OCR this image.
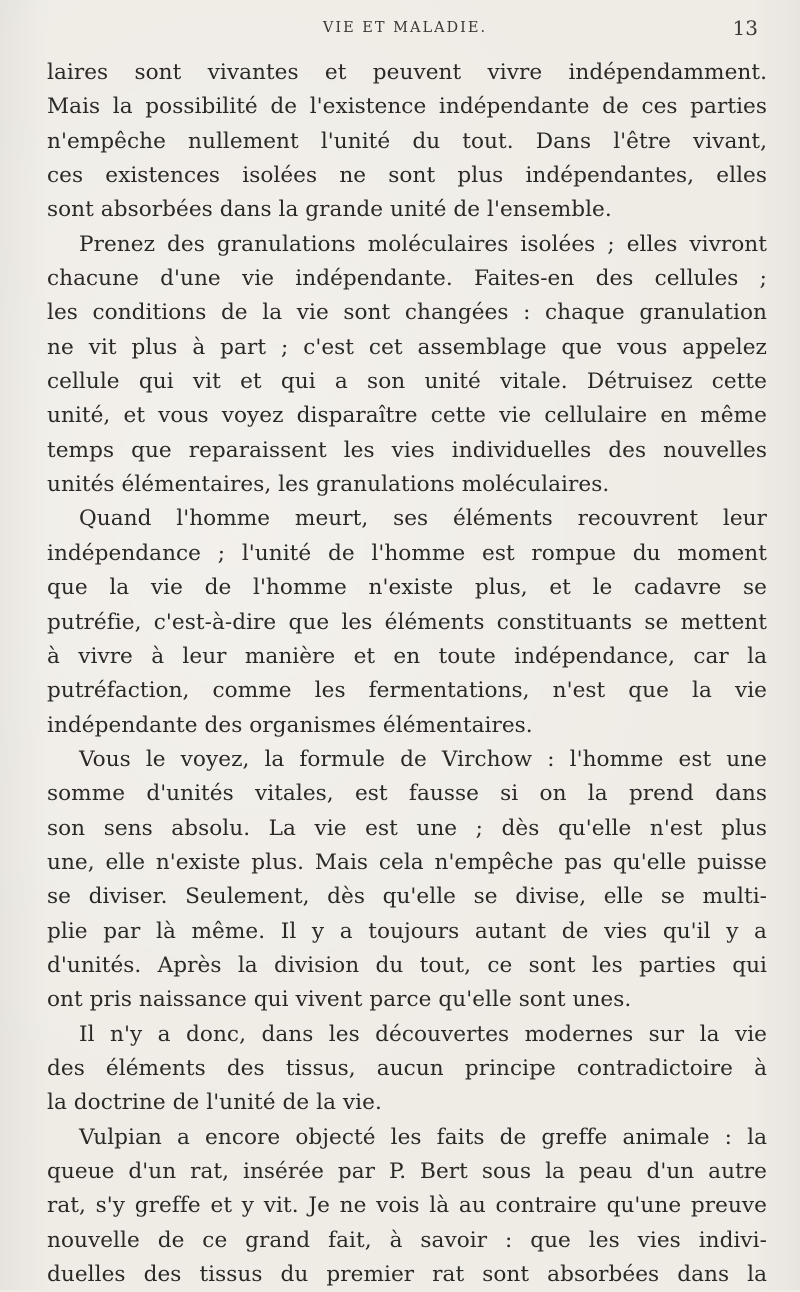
VIE ET MALADIE.	13
laires sont vivantes et peuvent vivre indépendamment.
Mais la possibilité de l'existence indépendante de ces parties
n'empêche nullement l'unité du tout. Dans l'être vivant,
ces existences isolées ne sont plus indépendantes, elles
sont absorbées dans la grande unité de l'ensemble.
Prenez des granulations moléculaires isolées ; elles vivront
chacune d'une vie indépendante. Faites-en des cellules ;
les conditions de la vie sont changées : chaque granulation
ne vit plus à part ; c'est cet assemblage que vous appelez
cellule qui vit et qui a son unité vitale. Détruisez cette
unité, et vous voyez disparaître cette vie cellulaire en même
temps que reparaissent les vies individuelles des nouvelles
unités élémentaires, les granulations moléculaires.
Quand l'homme meurt, ses éléments recouvrent leur
indépendance ; l'unité de l'homme est rompue du moment
que la vie de l'homme n'existe plus, et le cadavre se
putréfie, c'est-à-dire que les éléments constituants se mettent
à vivre à leur manière et en toute indépendance, car la
putréfaction, comme les fermentations, n'est que la vie
indépendante des organismes élémentaires.
Vous le voyez, la formule de Virchow : l'homme est une
somme d'unités vitales, est fausse si on la prend dans
son sens absolu. La vie est une ; dès qu'elle n'est plus
une, elle n'existe plus. Mais cela n'empêche pas qu'elle puisse
se diviser. Seulement, dès qu'elle se divise, elle se multi-
plie par là même. Il y a toujours autant de vies qu'il y a
d'unités. Après la division du tout, ce sont les parties qui
ont pris naissance qui vivent parce qu'elle sont unes.
Il n'y a donc, dans les découvertes modernes sur la vie
des éléments des tissus, aucun principe contradictoire à
la doctrine de l'unité de la vie.
Vulpian a encore objecté les faits de greffe animale : la
queue d'un rat, insérée par P. Bert sous la peau d'un autre
rat, s'y greffe et y vit. Je ne vois là au contraire qu'une preuve
nouvelle de ce grand fait, à savoir : que les vies indivi-
duelles des tissus du premier rat sont absorbées dans la
